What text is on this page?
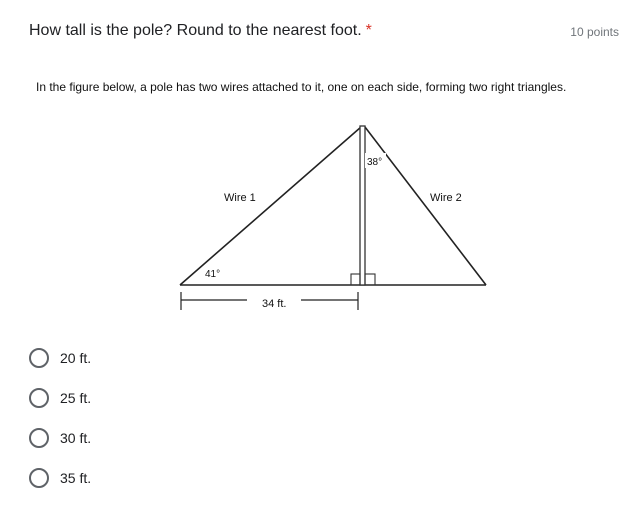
How tall is the pole? Round to the nearest foot. *	10 points
In the figure below, a pole has two wires attached to it, one on each side, forming two right triangles.
38°
41°
Wire 1	Wire 2
34 ft.
20 ft.
25 ft.
30 ft.
35 ft.
